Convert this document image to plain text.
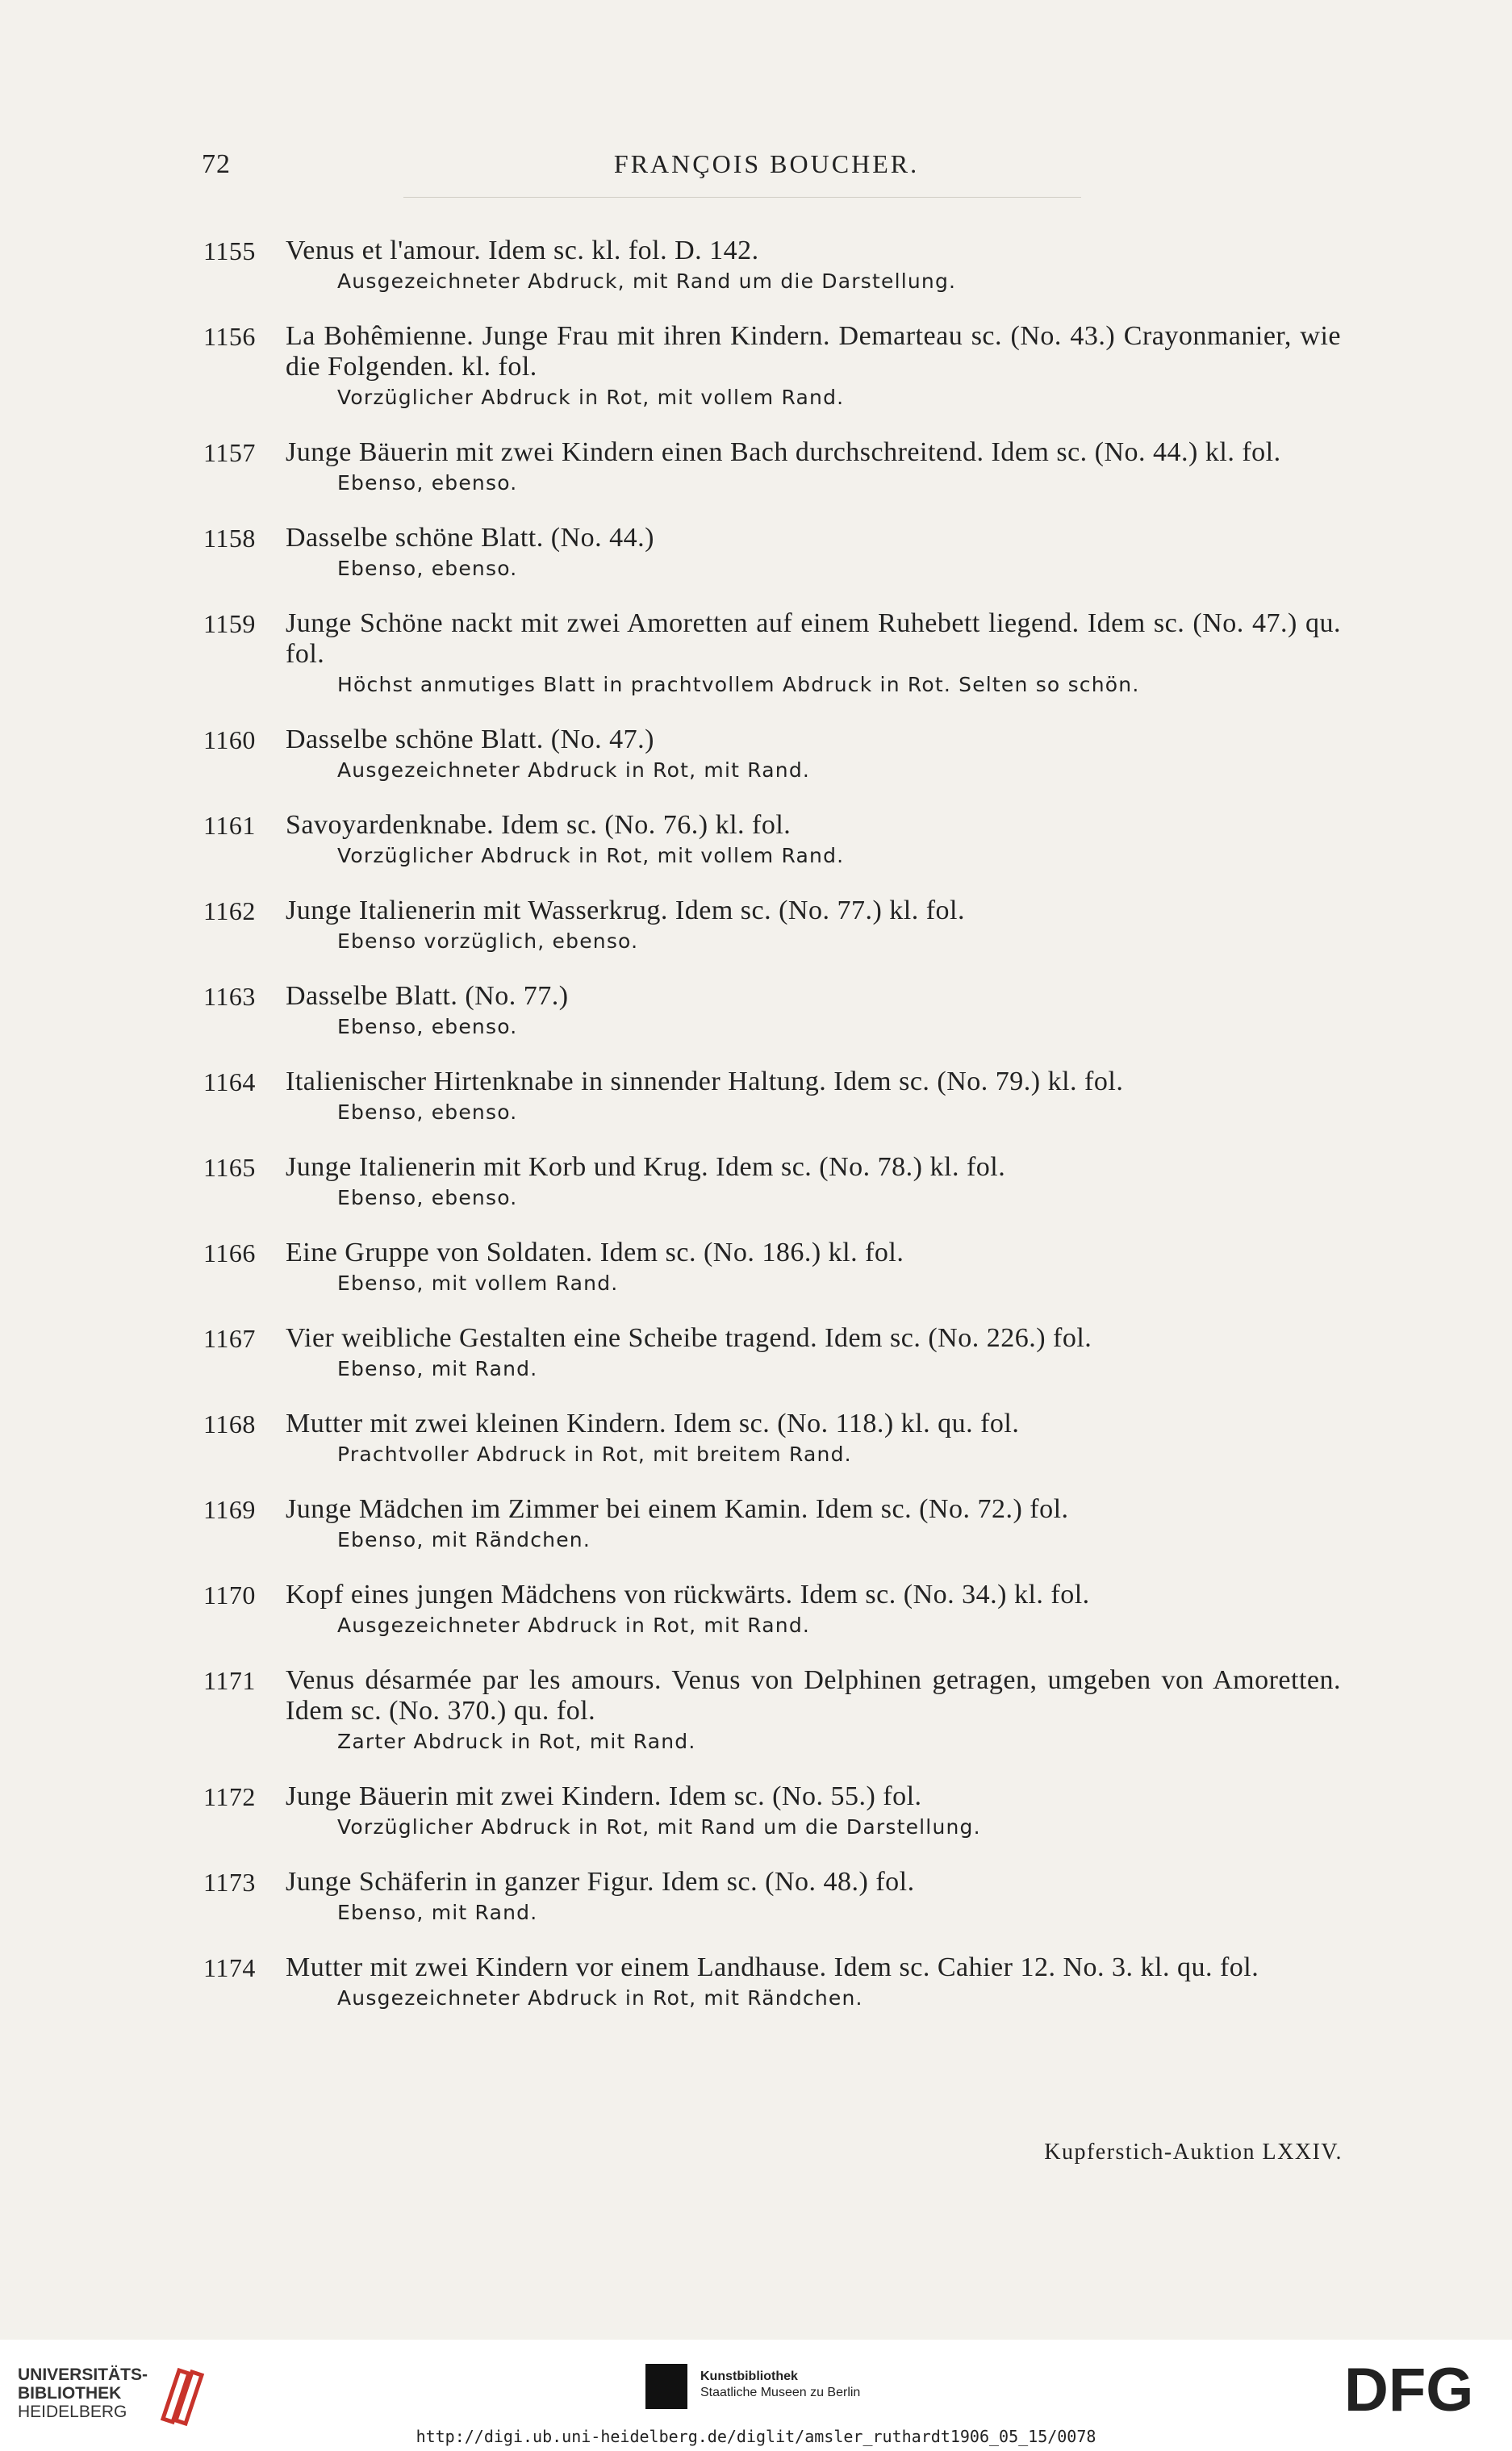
72	FRANÇOIS BOUCHER.
1155	Venus et l'amour. Idem sc. kl. fol. D. 142.
Ausgezeichneter Abdruck, mit Rand um die Darstellung.
1156	La Bohêmienne. Junge Frau mit ihren Kindern. Demarteau sc. (No. 43.) Crayonmanier, wie die Folgenden. kl. fol.
Vorzüglicher Abdruck in Rot, mit vollem Rand.
1157	Junge Bäuerin mit zwei Kindern einen Bach durchschreitend. Idem sc. (No. 44.) kl. fol.
Ebenso, ebenso.
1158	Dasselbe schöne Blatt. (No. 44.)
Ebenso, ebenso.
1159	Junge Schöne nackt mit zwei Amoretten auf einem Ruhebett liegend. Idem sc. (No. 47.) qu. fol.
Höchst anmutiges Blatt in prachtvollem Abdruck in Rot. Selten so schön.
1160	Dasselbe schöne Blatt. (No. 47.)
Ausgezeichneter Abdruck in Rot, mit Rand.
1161	Savoyardenknabe. Idem sc. (No. 76.) kl. fol.
Vorzüglicher Abdruck in Rot, mit vollem Rand.
1162	Junge Italienerin mit Wasserkrug. Idem sc. (No. 77.) kl. fol.
Ebenso vorzüglich, ebenso.
1163	Dasselbe Blatt. (No. 77.)
Ebenso, ebenso.
1164	Italienischer Hirtenknabe in sinnender Haltung. Idem sc. (No. 79.) kl. fol.
Ebenso, ebenso.
1165	Junge Italienerin mit Korb und Krug. Idem sc. (No. 78.) kl. fol.
Ebenso, ebenso.
1166	Eine Gruppe von Soldaten. Idem sc. (No. 186.) kl. fol.
Ebenso, mit vollem Rand.
1167	Vier weibliche Gestalten eine Scheibe tragend. Idem sc. (No. 226.) fol.
Ebenso, mit Rand.
1168	Mutter mit zwei kleinen Kindern. Idem sc. (No. 118.) kl. qu. fol.
Prachtvoller Abdruck in Rot, mit breitem Rand.
1169	Junge Mädchen im Zimmer bei einem Kamin. Idem sc. (No. 72.) fol.
Ebenso, mit Rändchen.
1170	Kopf eines jungen Mädchens von rückwärts. Idem sc. (No. 34.) kl. fol.
Ausgezeichneter Abdruck in Rot, mit Rand.
1171	Venus désarmée par les amours. Venus von Delphinen getragen, umgeben von Amoretten. Idem sc. (No. 370.) qu. fol.
Zarter Abdruck in Rot, mit Rand.
1172	Junge Bäuerin mit zwei Kindern. Idem sc. (No. 55.) fol.
Vorzüglicher Abdruck in Rot, mit Rand um die Darstellung.
1173	Junge Schäferin in ganzer Figur. Idem sc. (No. 48.) fol.
Ebenso, mit Rand.
1174	Mutter mit zwei Kindern vor einem Landhause. Idem sc. Cahier 12. No. 3. kl. qu. fol.
Ausgezeichneter Abdruck in Rot, mit Rändchen.
Kupferstich-Auktion LXXIV.
UNIVERSITÄTS-
BIBLIOTHEK
HEIDELBERG
Kunstbibliothek
Staatliche Museen zu Berlin	DFG
http://digi.ub.uni-heidelberg.de/diglit/amsler_ruthardt1906_05_15/0078
